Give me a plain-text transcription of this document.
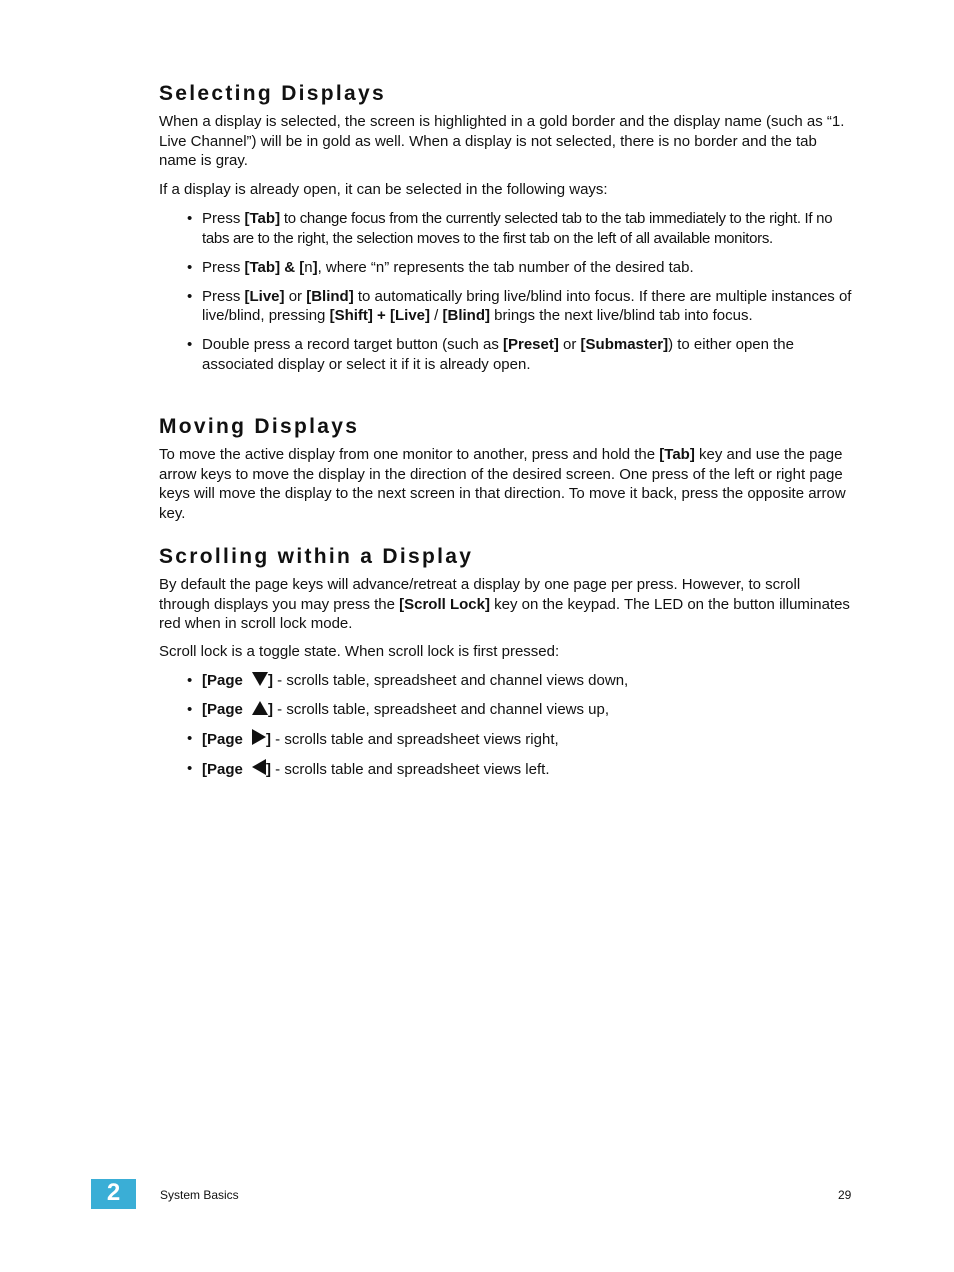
Selecting Displays

When a display is selected, the screen is highlighted in a gold border and the display name (such as “1. Live Channel”) will be in gold as well. When a display is not selected, there is no border and the tab name is gray.

If a display is already open, it can be selected in the following ways:

• Press [Tab] to change focus from the currently selected tab to the tab immediately to the right. If no tabs are to the right, the selection moves to the first tab on the left of all available monitors.
• Press [Tab] & [n], where “n” represents the tab number of the desired tab.
• Press [Live] or [Blind] to automatically bring live/blind into focus. If there are multiple instances of live/blind, pressing [Shift] + [Live] / [Blind] brings the next live/blind tab into focus.
• Double press a record target button (such as [Preset] or [Submaster]) to either open the associated display or select it if it is already open.
Moving Displays

To move the active display from one monitor to another, press and hold the [Tab] key and use the page arrow keys to move the display in the direction of the desired screen. One press of the left or right page keys will move the display to the next screen in that direction. To move it back, press the opposite arrow key.

Scrolling within a Display

By default the page keys will advance/retreat a display by one page per press. However, to scroll through displays you may press the [Scroll Lock] key on the keypad. The LED on the button illuminates red when in scroll lock mode.

Scroll lock is a toggle state. When scroll lock is first pressed:

• [Page ] - scrolls table, spreadsheet and channel views down,
• [Page ] - scrolls table, spreadsheet and channel views up,
• [Page ] - scrolls table and spreadsheet views right,
• [Page ] - scrolls table and spreadsheet views left.
2	System Basics	29
